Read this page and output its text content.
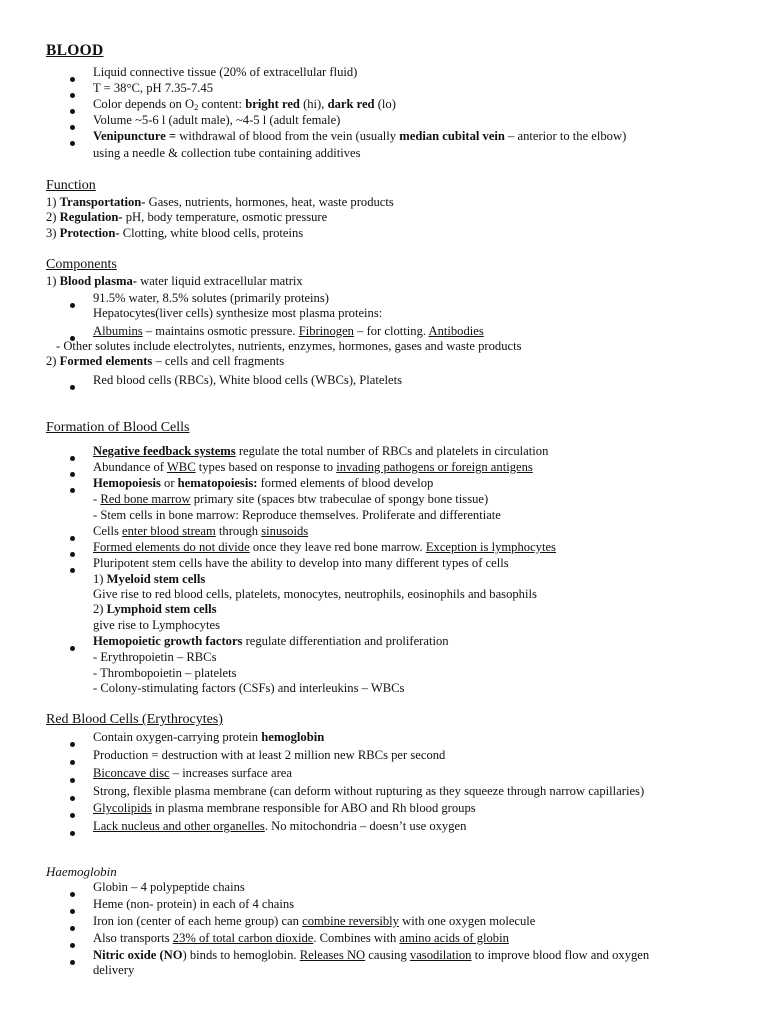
BLOOD
Liquid connective tissue (20% of extracellular fluid)
T = 38°C, pH 7.35-7.45
Color depends on $O_2$ content: bright red (hi), dark red (lo)
Volume ~5-6 l (adult male), ~4-5 l (adult female)
Venipuncture = withdrawal of blood from the vein (usually median cubital vein – anterior to the elbow)
using a needle & collection tube containing additives
Function
1) Transportation- Gases, nutrients, hormones, heat, waste products
2) Regulation- pH, body temperature, osmotic pressure
3) Protection- Clotting, white blood cells, proteins
Components
1) Blood plasma- water liquid extracellular matrix
91.5% water, 8.5% solutes (primarily proteins)
Hepatocytes(liver cells) synthesize most plasma proteins:
Albumins – maintains osmotic pressure. Fibrinogen – for clotting. Antibodies
- Other solutes include electrolytes, nutrients, enzymes, hormones, gases and waste products
2) Formed elements – cells and cell fragments
Red blood cells (RBCs), White blood cells (WBCs), Platelets
Formation of Blood Cells
Negative feedback systems regulate the total number of RBCs and platelets in circulation
Abundance of WBC types based on response to invading pathogens or foreign antigens
Hemopoiesis or hematopoiesis: formed elements of blood develop
- Red bone marrow primary site (spaces btw trabeculae of spongy bone tissue)
- Stem cells in bone marrow: Reproduce themselves. Proliferate and differentiate
Cells enter blood stream through sinusoids
Formed elements do not divide once they leave red bone marrow. Exception is lymphocytes
Pluripotent stem cells have the ability to develop into many different types of cells
1) Myeloid stem cells
Give rise to red blood cells, platelets, monocytes, neutrophils, eosinophils and basophils
2) Lymphoid stem cells
give rise to Lymphocytes
Hemopoietic growth factors regulate differentiation and proliferation
- Erythropoietin – RBCs
- Thrombopoietin – platelets
- Colony-stimulating factors (CSFs) and interleukins – WBCs
Red Blood Cells (Erythrocytes)
Contain oxygen-carrying protein hemoglobin
Production = destruction with at least 2 million new RBCs per second
Biconcave disc – increases surface area
Strong, flexible plasma membrane (can deform without rupturing as they squeeze through narrow capillaries)
Glycolipids in plasma membrane responsible for ABO and Rh blood groups
Lack nucleus and other organelles. No mitochondria – doesn’t use oxygen
Haemoglobin
Globin – 4 polypeptide chains
Heme (non- protein) in each of 4 chains
Iron ion (center of each heme group) can combine reversibly with one oxygen molecule
Also transports 23% of total carbon dioxide. Combines with amino acids of globin
Nitric oxide (NO) binds to hemoglobin. Releases NO causing vasodilation to improve blood flow and oxygen
delivery
